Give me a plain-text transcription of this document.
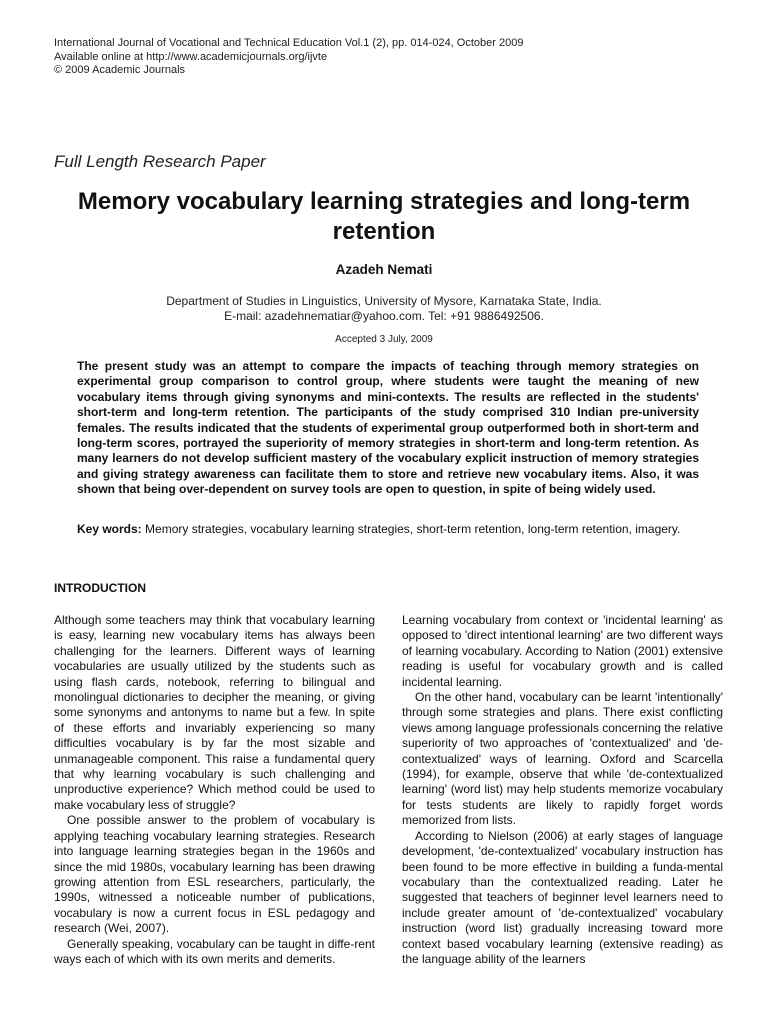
International Journal of Vocational and Technical Education Vol.1 (2), pp. 014-024, October 2009
Available online at http://www.academicjournals.org/ijvte
© 2009 Academic Journals
Full Length Research Paper
Memory vocabulary learning strategies and long-term retention
Azadeh Nemati
Department of Studies in Linguistics, University of Mysore, Karnataka State, India.
E-mail: azadehnematiar@yahoo.com. Tel: +91 9886492506.
Accepted 3 July, 2009
The present study was an attempt to compare the impacts of teaching through memory strategies on experimental group comparison to control group, where students were taught the meaning of new vocabulary items through giving synonyms and mini-contexts. The results are reflected in the students' short-term and long-term retention. The participants of the study comprised 310 Indian pre-university females. The results indicated that the students of experimental group outperformed both in short-term and long-term scores, portrayed the superiority of memory strategies in short-term and long-term retention. As many learners do not develop sufficient mastery of the vocabulary explicit instruction of memory strategies and giving strategy awareness can facilitate them to store and retrieve new vocabulary items. Also, it was shown that being over-dependent on survey tools are open to question, in spite of being widely used.
Key words: Memory strategies, vocabulary learning strategies, short-term retention, long-term retention, imagery.
INTRODUCTION

Although some teachers may think that vocabulary learning is easy, learning new vocabulary items has always been challenging for the learners. Different ways of learning vocabularies are usually utilized by the students such as using flash cards, notebook, referring to bilingual and monolingual dictionaries to decipher the meaning, or giving some synonyms and antonyms to name but a few. In spite of these efforts and invariably experiencing so many difficulties vocabulary is by far the most sizable and unmanageable component. This raise a fundamental query that why learning vocabulary is such challenging and unproductive experience? Which method could be used to make vocabulary less of struggle?

One possible answer to the problem of vocabulary is applying teaching vocabulary learning strategies. Research into language learning strategies began in the 1960s and since the mid 1980s, vocabulary learning has been drawing growing attention from ESL researchers, particularly, the 1990s, witnessed a noticeable number of publications, vocabulary is now a current focus in ESL pedagogy and research (Wei, 2007).

Generally speaking, vocabulary can be taught in diffe-rent ways each of which with its own merits and demerits.

Learning vocabulary from context or 'incidental learning' as opposed to 'direct intentional learning' are two different ways of learning vocabulary. According to Nation (2001) extensive reading is useful for vocabulary growth and is called incidental learning.

On the other hand, vocabulary can be learnt 'intentionally' through some strategies and plans. There exist conflicting views among language professionals concerning the relative superiority of two approaches of 'contextualized' and 'de-contextualized' ways of learning. Oxford and Scarcella (1994), for example, observe that while 'de-contextualized learning' (word list) may help students memorize vocabulary for tests students are likely to rapidly forget words memorized from lists.

According to Nielson (2006) at early stages of language development, 'de-contextualized' vocabulary instruction has been found to be more effective in building a funda-mental vocabulary than the contextualized reading. Later he suggested that teachers of beginner level learners need to include greater amount of 'de-contextualized' vocabulary instruction (word list) gradually increasing toward more context based vocabulary learning (extensive reading) as the language ability of the learners
